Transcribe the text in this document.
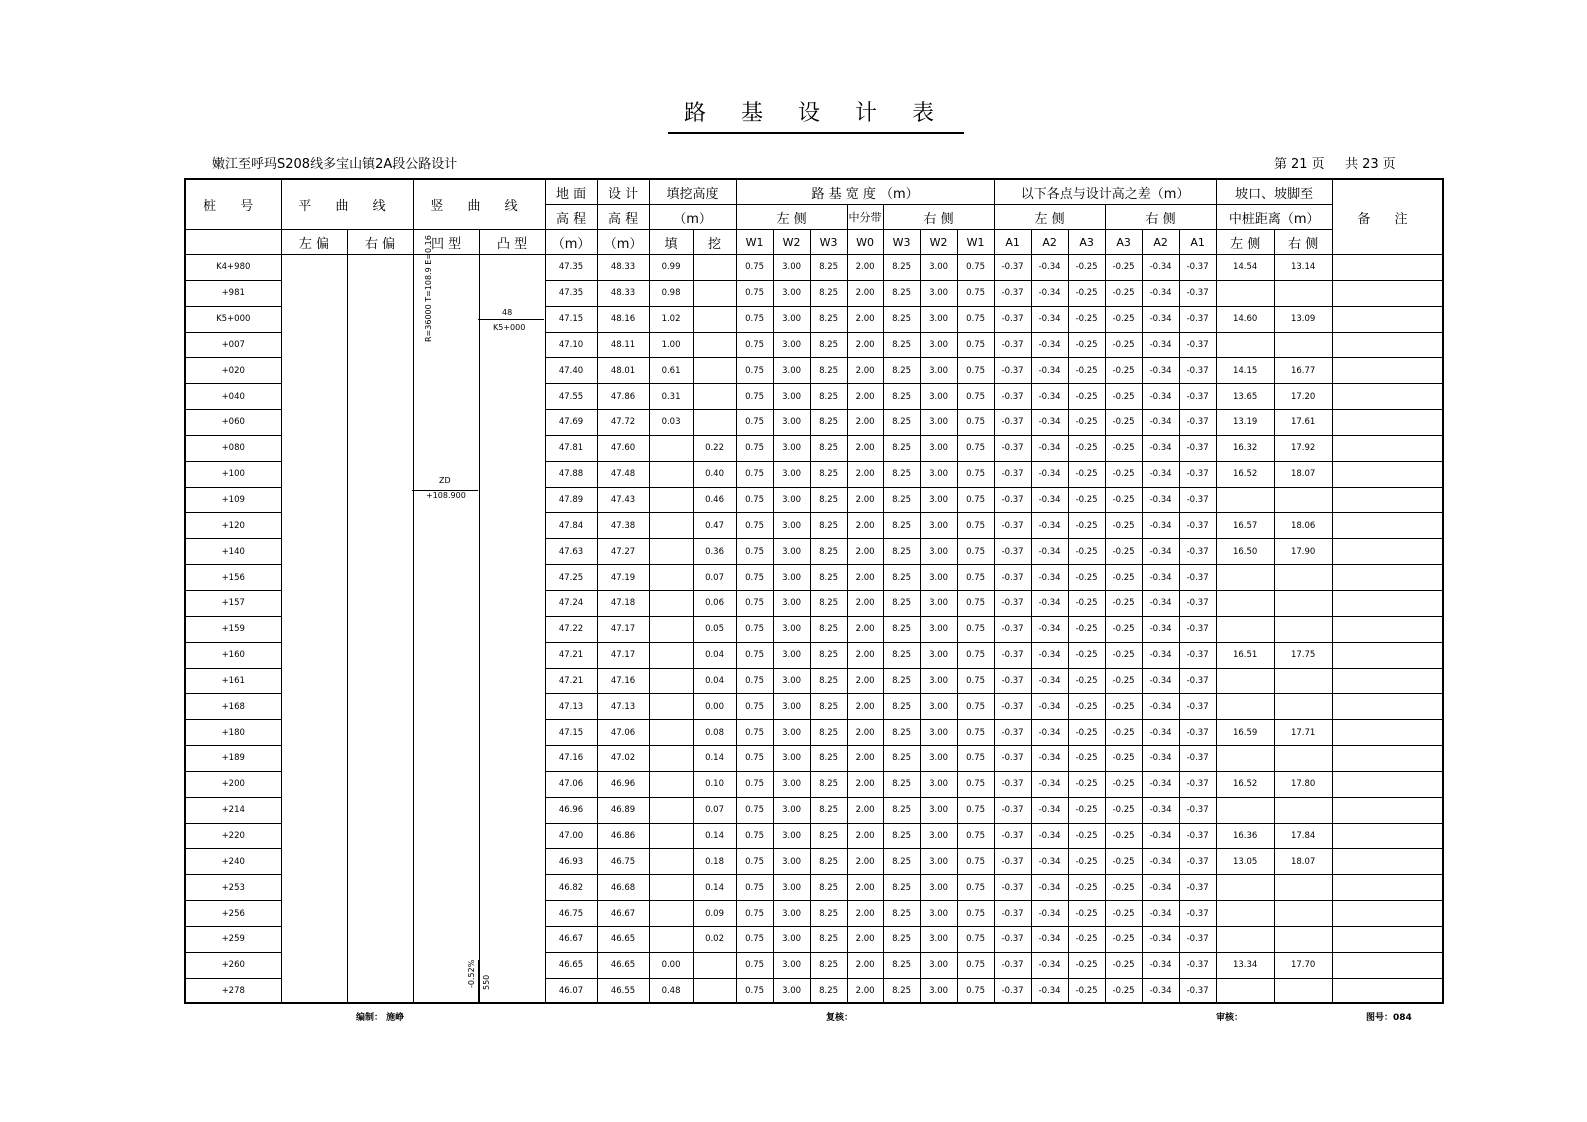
路 基 设 计 表
嫩江至呼玛S208线多宝山镇2A段公路设计	第 21 页 共 23 页
桩 号	平 曲 线		竖 曲 线		地 面	设 计	填挖高度		路 基 宽 度 （m）							以下各点与设计高之差（m）						坡口、坡脚至		备 注
					高 程	高 程	（m）		左 侧			中分带	右 侧			左 侧			右 侧			中桩距离（m）		
	左 偏	右 偏	凹 型	凸 型	（m）	（m）	填	挖	W1	W2	W3	W0	W3	W2	W1	A1	A2	A3	A3	A2	A1	左 侧	右 侧	
K4+980					47.35	48.33	0.99		0.75	3.00	8.25	2.00	8.25	3.00	0.75	-0.37	-0.34	-0.25	-0.25	-0.34	-0.37	14.54	13.14	
+981					47.35	48.33	0.98		0.75	3.00	8.25	2.00	8.25	3.00	0.75	-0.37	-0.34	-0.25	-0.25	-0.34	-0.37			
K5+000					47.15	48.16	1.02		0.75	3.00	8.25	2.00	8.25	3.00	0.75	-0.37	-0.34	-0.25	-0.25	-0.34	-0.37	14.60	13.09	
+007					47.10	48.11	1.00		0.75	3.00	8.25	2.00	8.25	3.00	0.75	-0.37	-0.34	-0.25	-0.25	-0.34	-0.37			
+020					47.40	48.01	0.61		0.75	3.00	8.25	2.00	8.25	3.00	0.75	-0.37	-0.34	-0.25	-0.25	-0.34	-0.37	14.15	16.77	
+040					47.55	47.86	0.31		0.75	3.00	8.25	2.00	8.25	3.00	0.75	-0.37	-0.34	-0.25	-0.25	-0.34	-0.37	13.65	17.20	
+060					47.69	47.72	0.03		0.75	3.00	8.25	2.00	8.25	3.00	0.75	-0.37	-0.34	-0.25	-0.25	-0.34	-0.37	13.19	17.61	
+080					47.81	47.60		0.22	0.75	3.00	8.25	2.00	8.25	3.00	0.75	-0.37	-0.34	-0.25	-0.25	-0.34	-0.37	16.32	17.92	
+100					47.88	47.48		0.40	0.75	3.00	8.25	2.00	8.25	3.00	0.75	-0.37	-0.34	-0.25	-0.25	-0.34	-0.37	16.52	18.07	
+109					47.89	47.43		0.46	0.75	3.00	8.25	2.00	8.25	3.00	0.75	-0.37	-0.34	-0.25	-0.25	-0.34	-0.37			
+120					47.84	47.38		0.47	0.75	3.00	8.25	2.00	8.25	3.00	0.75	-0.37	-0.34	-0.25	-0.25	-0.34	-0.37	16.57	18.06	
+140					47.63	47.27		0.36	0.75	3.00	8.25	2.00	8.25	3.00	0.75	-0.37	-0.34	-0.25	-0.25	-0.34	-0.37	16.50	17.90	
+156					47.25	47.19		0.07	0.75	3.00	8.25	2.00	8.25	3.00	0.75	-0.37	-0.34	-0.25	-0.25	-0.34	-0.37			
+157					47.24	47.18		0.06	0.75	3.00	8.25	2.00	8.25	3.00	0.75	-0.37	-0.34	-0.25	-0.25	-0.34	-0.37			
+159					47.22	47.17		0.05	0.75	3.00	8.25	2.00	8.25	3.00	0.75	-0.37	-0.34	-0.25	-0.25	-0.34	-0.37			
+160					47.21	47.17		0.04	0.75	3.00	8.25	2.00	8.25	3.00	0.75	-0.37	-0.34	-0.25	-0.25	-0.34	-0.37	16.51	17.75	
+161					47.21	47.16		0.04	0.75	3.00	8.25	2.00	8.25	3.00	0.75	-0.37	-0.34	-0.25	-0.25	-0.34	-0.37			
+168					47.13	47.13		0.00	0.75	3.00	8.25	2.00	8.25	3.00	0.75	-0.37	-0.34	-0.25	-0.25	-0.34	-0.37			
+180					47.15	47.06		0.08	0.75	3.00	8.25	2.00	8.25	3.00	0.75	-0.37	-0.34	-0.25	-0.25	-0.34	-0.37	16.59	17.71	
+189					47.16	47.02		0.14	0.75	3.00	8.25	2.00	8.25	3.00	0.75	-0.37	-0.34	-0.25	-0.25	-0.34	-0.37			
+200					47.06	46.96		0.10	0.75	3.00	8.25	2.00	8.25	3.00	0.75	-0.37	-0.34	-0.25	-0.25	-0.34	-0.37	16.52	17.80	
+214					46.96	46.89		0.07	0.75	3.00	8.25	2.00	8.25	3.00	0.75	-0.37	-0.34	-0.25	-0.25	-0.34	-0.37			
+220					47.00	46.86		0.14	0.75	3.00	8.25	2.00	8.25	3.00	0.75	-0.37	-0.34	-0.25	-0.25	-0.34	-0.37	16.36	17.84	
+240					46.93	46.75		0.18	0.75	3.00	8.25	2.00	8.25	3.00	0.75	-0.37	-0.34	-0.25	-0.25	-0.34	-0.37	13.05	18.07	
+253					46.82	46.68		0.14	0.75	3.00	8.25	2.00	8.25	3.00	0.75	-0.37	-0.34	-0.25	-0.25	-0.34	-0.37			
+256					46.75	46.67		0.09	0.75	3.00	8.25	2.00	8.25	3.00	0.75	-0.37	-0.34	-0.25	-0.25	-0.34	-0.37			
+259					46.67	46.65		0.02	0.75	3.00	8.25	2.00	8.25	3.00	0.75	-0.37	-0.34	-0.25	-0.25	-0.34	-0.37			
+260					46.65	46.65	0.00		0.75	3.00	8.25	2.00	8.25	3.00	0.75	-0.37	-0.34	-0.25	-0.25	-0.34	-0.37	13.34	17.70	
+278					46.07	46.55	0.48		0.75	3.00	8.25	2.00	8.25	3.00	0.75	-0.37	-0.34	-0.25	-0.25	-0.34	-0.37			
48
K5+000
R=36000 T=108.9 E=0.16
ZD
+108.900
-0.52% 550
编制： 施峥	复核：	审核：	图号：084
